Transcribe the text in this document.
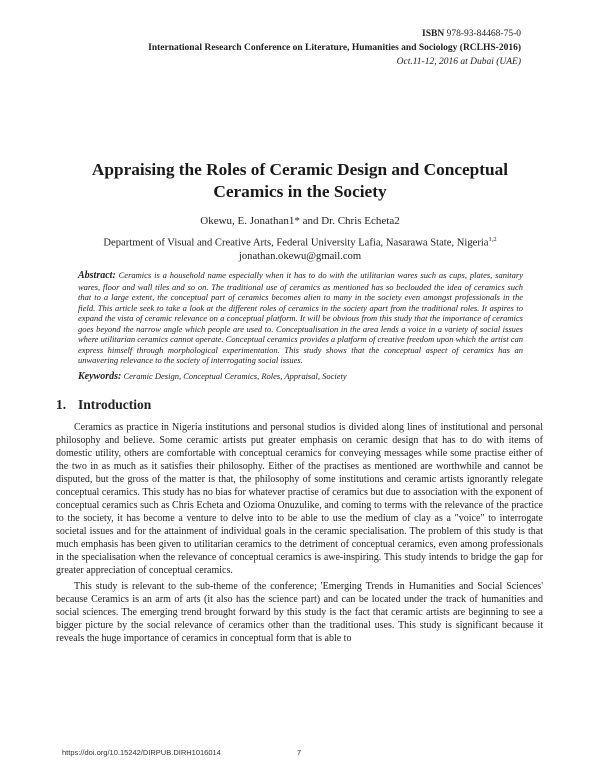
ISBN 978-93-84468-75-0
International Research Conference on Literature, Humanities and Sociology (RCLHS-2016)
Oct.11-12, 2016 at Dubai (UAE)
Appraising the Roles of Ceramic Design and Conceptual Ceramics in the Society
Okewu, E. Jonathan1* and Dr. Chris Echeta2
Department of Visual and Creative Arts, Federal University Lafia, Nasarawa State, Nigeria$^{1,2}$
jonathan.okewu@gmail.com
Abstract: Ceramics is a household name especially when it has to do with the utilitarian wares such as cups, plates, sanitary wares, floor and wall tiles and so on. The traditional use of ceramics as mentioned has so beclouded the idea of ceramics such that to a large extent, the conceptual part of ceramics becomes alien to many in the society even amongst professionals in the field. This article seek to take a look at the different roles of ceramics in the society apart from the traditional roles. It aspires to expand the vista of ceramic relevance on a conceptual platform. It will be obvious from this study that the importance of ceramics goes beyond the narrow angle which people are used to. Conceptualisation in the area lends a voice in a variety of social issues where utilitarian ceramics cannot operate. Conceptual ceramics provides a platform of creative freedom upon which the artist can express himself through morphological experimentation. This study shows that the conceptual aspect of ceramics has an unwavering relevance to the society of interrogating social issues.
Keywords: Ceramic Design, Conceptual Ceramics, Roles, Appraisal, Society
1. Introduction

Ceramics as practice in Nigeria institutions and personal studios is divided along lines of institutional and personal philosophy and believe. Some ceramic artists put greater emphasis on ceramic design that has to do with items of domestic utility, others are comfortable with conceptual ceramics for conveying messages while some practise either of the two in as much as it satisfies their philosophy. Either of the practises as mentioned are worthwhile and cannot be disputed, but the gross of the matter is that, the philosophy of some institutions and ceramic artists ignorantly relegate conceptual ceramics. This study has no bias for whatever practise of ceramics but due to association with the exponent of conceptual ceramics such as Chris Echeta and Ozioma Onuzulike, and coming to terms with the relevance of the practice to the society, it has become a venture to delve into to be able to use the medium of clay as a "voice" to interrogate societal issues and for the attainment of individual goals in the ceramic specialisation. The problem of this study is that much emphasis has been given to utilitarian ceramics to the detriment of conceptual ceramics, even among professionals in the specialisation when the relevance of conceptual ceramics is awe-inspiring. This study intends to bridge the gap for greater appreciation of conceptual ceramics.

This study is relevant to the sub-theme of the conference; 'Emerging Trends in Humanities and Social Sciences' because Ceramics is an arm of arts (it also has the science part) and can be located under the track of humanities and social sciences. The emerging trend brought forward by this study is the fact that ceramic artists are beginning to see a bigger picture by the social relevance of ceramics other than the traditional uses. This study is significant because it reveals the huge importance of ceramics in conceptual form that is able to

https://doi.org/10.15242/DIRPUB.DIRH1016014	7
